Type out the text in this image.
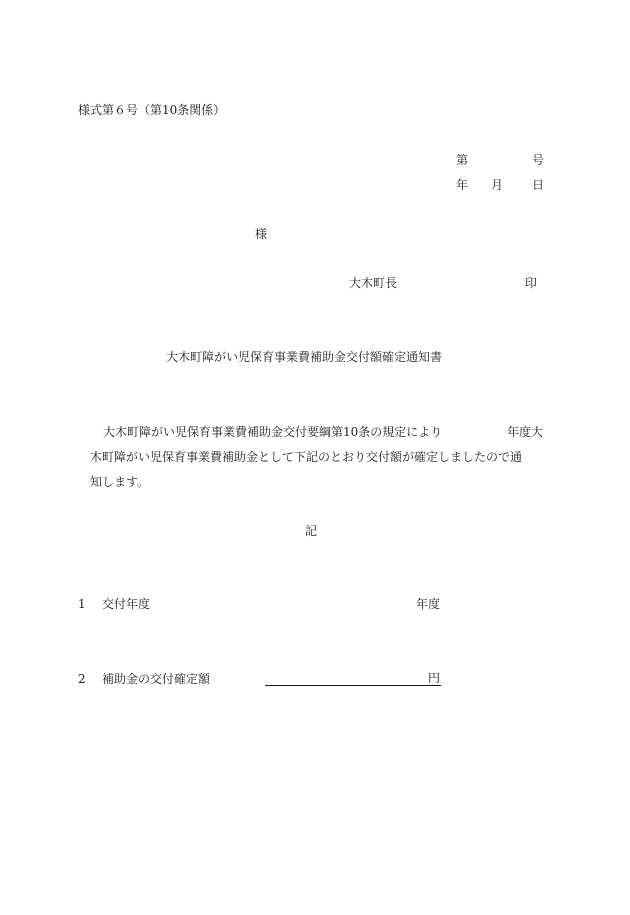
様式第６号（第10条関係）
第	号
年 月 日
様
大木町長	印
大木町障がい児保育事業費補助金交付額確定通知書
大木町障がい児保育事業費補助金交付要綱第10条の規定により	年度大
木町障がい児保育事業費補助金として下記のとおり交付額が確定しましたので通
知します。
記
1 交付年度	年度
2 補助金の交付確定額	円
